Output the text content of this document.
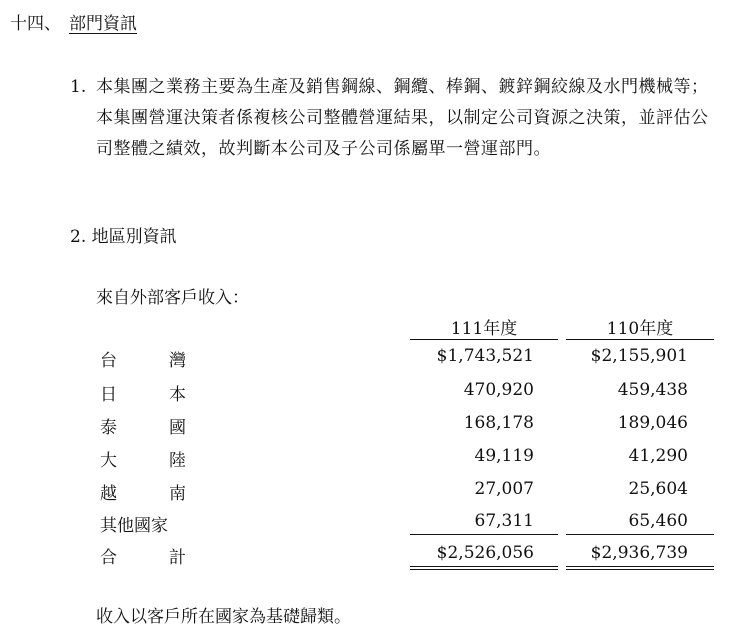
十四、 部門資訊
1. 本集團之業務主要為生產及銷售鋼線、鋼纜、棒鋼、鍍鋅鋼絞線及水門機械等；本集團營運決策者係複核公司整體營運結果，以制定公司資源之決策，並評估公司整體之績效，故判斷本公司及子公司係屬單一營運部門。
2. 地區別資訊
來自外部客戶收入：
111年度	110年度
台	灣	$1,743,521	$2,155,901
日	本	470,920	459,438
泰	國	168,178	189,046
大	陸	49,119	41,290
越	南	27,007	25,604
其他國家	67,311	65,460
合	計	$2,526,056	$2,936,739
收入以客戶所在國家為基礎歸類。
